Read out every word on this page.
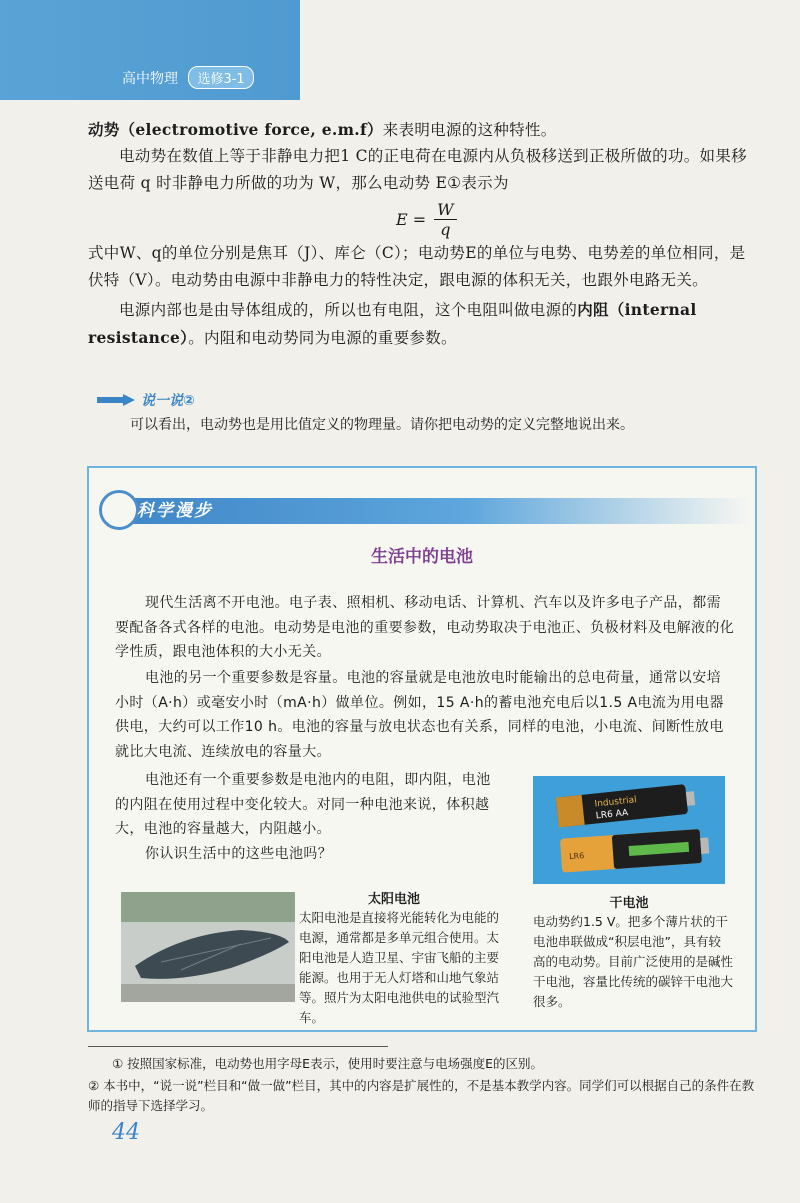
高中物理 选修3-1
动势（electromotive force, e.m.f）来表明电源的这种特性。
电动势在数值上等于非静电力把1 C的正电荷在电源内从负极移送到正极所做的功。如果移送电荷 q 时非静电力所做的功为 W，那么电动势 E①表示为
$E = \frac{W}{q}$
式中W、q的单位分别是焦耳（J）、库仑（C）；电动势E的单位与电势、电势差的单位相同，是伏特（V）。电动势由电源中非静电力的特性决定，跟电源的体积无关，也跟外电路无关。
电源内部也是由导体组成的，所以也有电阻，这个电阻叫做电源的内阻（internal resistance）。内阻和电动势同为电源的重要参数。
说一说②
可以看出，电动势也是用比值定义的物理量。请你把电动势的定义完整地说出来。
科学漫步
生活中的电池
现代生活离不开电池。电子表、照相机、移动电话、计算机、汽车以及许多电子产品，都需要配备各式各样的电池。电动势是电池的重要参数，电动势取决于电池正、负极材料及电解液的化学性质，跟电池体积的大小无关。
电池的另一个重要参数是容量。电池的容量就是电池放电时能输出的总电荷量，通常以安培小时（A·h）或毫安小时（mA·h）做单位。例如，15 A·h的蓄电池充电后以1.5 A电流为用电器供电，大约可以工作10 h。电池的容量与放电状态也有关系，同样的电池，小电流、间断性放电就比大电流、连续放电的容量大。
电池还有一个重要参数是电池内的电阻，即内阻，电池的内阻在使用过程中变化较大。对同一种电池来说，体积越大，电池的容量越大，内阻越小。
你认识生活中的这些电池吗？
Industrial
LR6 AA
LR6
干电池
电动势约1.5 V。把多个薄片状的干电池串联做成“积层电池”，具有较高的电动势。目前广泛使用的是碱性干电池，容量比传统的碳锌干电池大很多。
太阳电池
太阳电池是直接将光能转化为电能的电源，通常都是多单元组合使用。太阳电池是人造卫星、宇宙飞船的主要能源。也用于无人灯塔和山地气象站等。照片为太阳电池供电的试验型汽车。
① 按照国家标准，电动势也用字母E表示，使用时要注意与电场强度E的区别。
② 本书中，“说一说”栏目和“做一做”栏目，其中的内容是扩展性的，不是基本教学内容。同学们可以根据自己的条件在教师的指导下选择学习。
44
